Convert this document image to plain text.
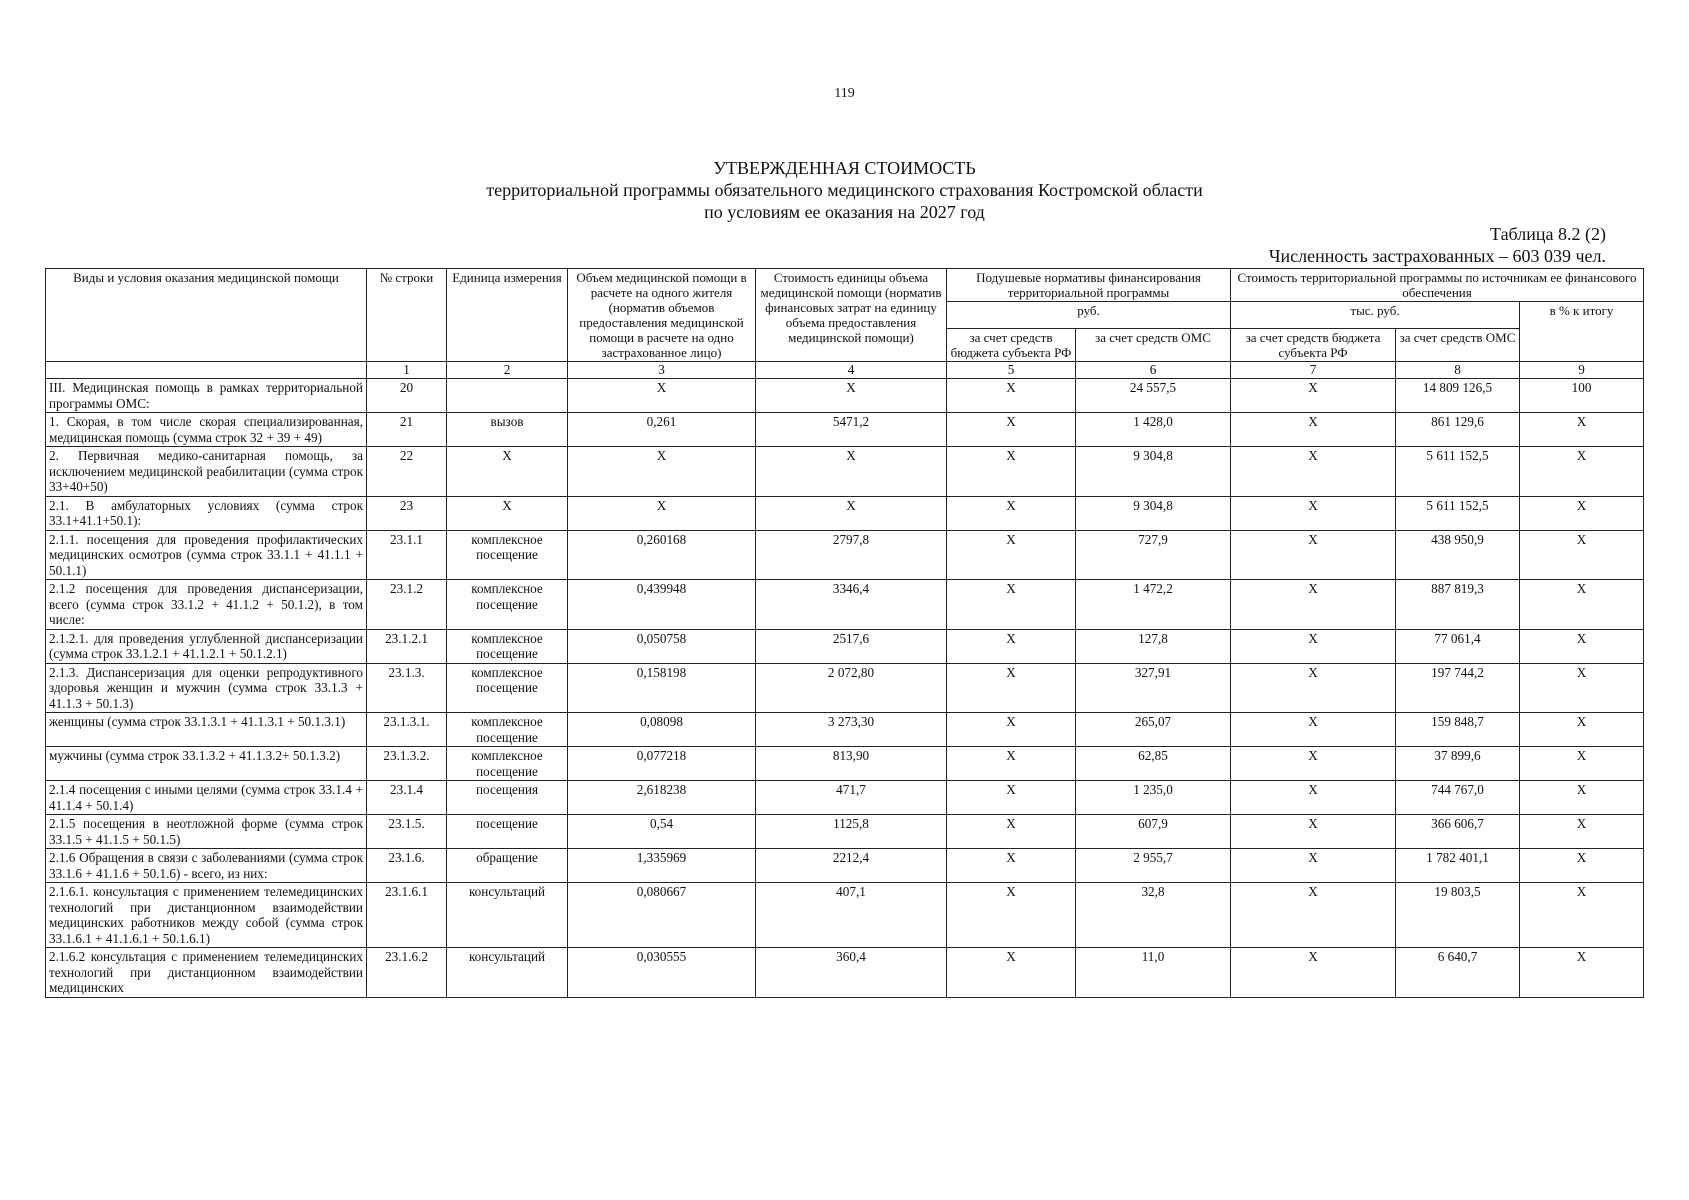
119
УТВЕРЖДЕННАЯ СТОИМОСТЬ
территориальной программы обязательного медицинского страхования Костромской области
по условиям ее оказания на 2027 год
Таблица 8.2 (2)
Численность застрахованных – 603 039 чел.
Виды и условия оказания медицинской помощи	№ строки	Единица измерения	Объем медицинской помощи в расчете на одного жителя (норматив объемов предоставления медицинской помощи в расчете на одно застрахованное лицо)	Стоимость единицы объема медицинской помощи (норматив финансовых затрат на единицу объема предоставления медицинской помощи)	Подушевые нормативы финансирования территориальной программы		Стоимость территориальной программы по источникам ее финансового обеспечения		
					руб.		тыс. руб.		в % к итогу
					за счет средств бюджета субъекта РФ	за счет средств ОМС	за счет средств бюджета субъекта РФ	за счет средств ОМС	
	1	2	3	4	5	6	7	8	9
III. Медицинская помощь в рамках территориальной программы ОМС:	20		X	X	X	24 557,5	X	14 809 126,5	100
1. Скорая, в том числе скорая специализированная, медицинская помощь (сумма строк 32 + 39 + 49)	21	вызов	0,261	5471,2	X	1 428,0	X	861 129,6	X
2. Первичная медико-санитарная помощь, за исключением медицинской реабилитации (сумма строк 33+40+50)	22	X	X	X	X	9 304,8	X	5 611 152,5	X
2.1. В амбулаторных условиях (сумма строк 33.1+41.1+50.1):	23	X	X	X	X	9 304,8	X	5 611 152,5	X
2.1.1. посещения для проведения профилактических медицинских осмотров (сумма строк 33.1.1 + 41.1.1 + 50.1.1)	23.1.1	комплексное посещение	0,260168	2797,8	X	727,9	X	438 950,9	X
2.1.2 посещения для проведения диспансеризации, всего (сумма строк 33.1.2 + 41.1.2 + 50.1.2), в том числе:	23.1.2	комплексное посещение	0,439948	3346,4	X	1 472,2	X	887 819,3	X
2.1.2.1. для проведения углубленной диспансеризации (сумма строк 33.1.2.1 + 41.1.2.1 + 50.1.2.1)	23.1.2.1	комплексное посещение	0,050758	2517,6	X	127,8	X	77 061,4	X
2.1.3. Диспансеризация для оценки репродуктивного здоровья женщин и мужчин (сумма строк 33.1.3 + 41.1.3 + 50.1.3)	23.1.3.	комплексное посещение	0,158198	2 072,80	X	327,91	X	197 744,2	X
женщины (сумма строк 33.1.3.1 + 41.1.3.1 + 50.1.3.1)	23.1.3.1.	комплексное посещение	0,08098	3 273,30	X	265,07	X	159 848,7	X
мужчины (сумма строк 33.1.3.2 + 41.1.3.2+ 50.1.3.2)	23.1.3.2.	комплексное посещение	0,077218	813,90	X	62,85	X	37 899,6	X
2.1.4 посещения с иными целями (сумма строк 33.1.4 + 41.1.4 + 50.1.4)	23.1.4	посещения	2,618238	471,7	X	1 235,0	X	744 767,0	X
2.1.5 посещения в неотложной форме (сумма строк 33.1.5 + 41.1.5 + 50.1.5)	23.1.5.	посещение	0,54	1125,8	X	607,9	X	366 606,7	X
2.1.6 Обращения в связи с заболеваниями (сумма строк 33.1.6 + 41.1.6 + 50.1.6) - всего, из них:	23.1.6.	обращение	1,335969	2212,4	X	2 955,7	X	1 782 401,1	X
2.1.6.1. консультация с применением телемедицинских технологий при дистанционном взаимодействии медицинских работников между собой (сумма строк 33.1.6.1 + 41.1.6.1 + 50.1.6.1)	23.1.6.1	консультаций	0,080667	407,1	X	32,8	X	19 803,5	X
2.1.6.2 консультация с применением телемедицинских технологий при дистанционном взаимодействии медицинских	23.1.6.2	консультаций	0,030555	360,4	X	11,0	X	6 640,7	X
